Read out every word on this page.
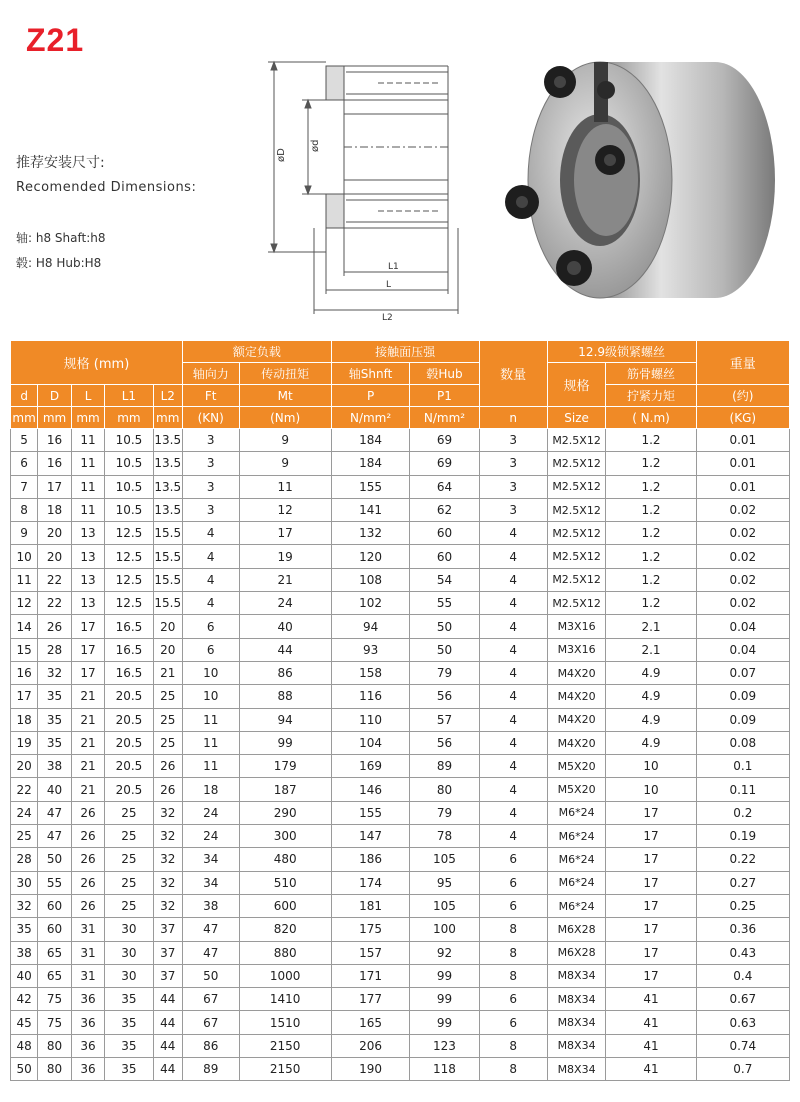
Z21
推荐安装尺寸:
Recomended Dimensions:
轴: h8 Shaft:h8
毂: H8 Hub:H8
øD
ød
L1
L
L2
规格 (mm)					额定负载		接触面压强		数量	12.9级锁紧螺丝		重量
					轴向力	传动扭矩	轴Shnft	毂Hub		规格	筋骨螺丝	
d	D	L	L1	L2	Ft	Mt	P	P1			拧紧力矩	(约)
mm	mm	mm	mm	mm	(KN)	(Nm)	N/mm²	N/mm²	n	Size	( N.m)	(KG)
5	16	11	10.5	13.5	3	9	184	69	3	M2.5X12	1.2	0.01
6	16	11	10.5	13.5	3	9	184	69	3	M2.5X12	1.2	0.01
7	17	11	10.5	13.5	3	11	155	64	3	M2.5X12	1.2	0.01
8	18	11	10.5	13.5	3	12	141	62	3	M2.5X12	1.2	0.02
9	20	13	12.5	15.5	4	17	132	60	4	M2.5X12	1.2	0.02
10	20	13	12.5	15.5	4	19	120	60	4	M2.5X12	1.2	0.02
11	22	13	12.5	15.5	4	21	108	54	4	M2.5X12	1.2	0.02
12	22	13	12.5	15.5	4	24	102	55	4	M2.5X12	1.2	0.02
14	26	17	16.5	20	6	40	94	50	4	M3X16	2.1	0.04
15	28	17	16.5	20	6	44	93	50	4	M3X16	2.1	0.04
16	32	17	16.5	21	10	86	158	79	4	M4X20	4.9	0.07
17	35	21	20.5	25	10	88	116	56	4	M4X20	4.9	0.09
18	35	21	20.5	25	11	94	110	57	4	M4X20	4.9	0.09
19	35	21	20.5	25	11	99	104	56	4	M4X20	4.9	0.08
20	38	21	20.5	26	11	179	169	89	4	M5X20	10	0.1
22	40	21	20.5	26	18	187	146	80	4	M5X20	10	0.11
24	47	26	25	32	24	290	155	79	4	M6*24	17	0.2
25	47	26	25	32	24	300	147	78	4	M6*24	17	0.19
28	50	26	25	32	34	480	186	105	6	M6*24	17	0.22
30	55	26	25	32	34	510	174	95	6	M6*24	17	0.27
32	60	26	25	32	38	600	181	105	6	M6*24	17	0.25
35	60	31	30	37	47	820	175	100	8	M6X28	17	0.36
38	65	31	30	37	47	880	157	92	8	M6X28	17	0.43
40	65	31	30	37	50	1000	171	99	8	M8X34	17	0.4
42	75	36	35	44	67	1410	177	99	6	M8X34	41	0.67
45	75	36	35	44	67	1510	165	99	6	M8X34	41	0.63
48	80	36	35	44	86	2150	206	123	8	M8X34	41	0.74
50	80	36	35	44	89	2150	190	118	8	M8X34	41	0.7
